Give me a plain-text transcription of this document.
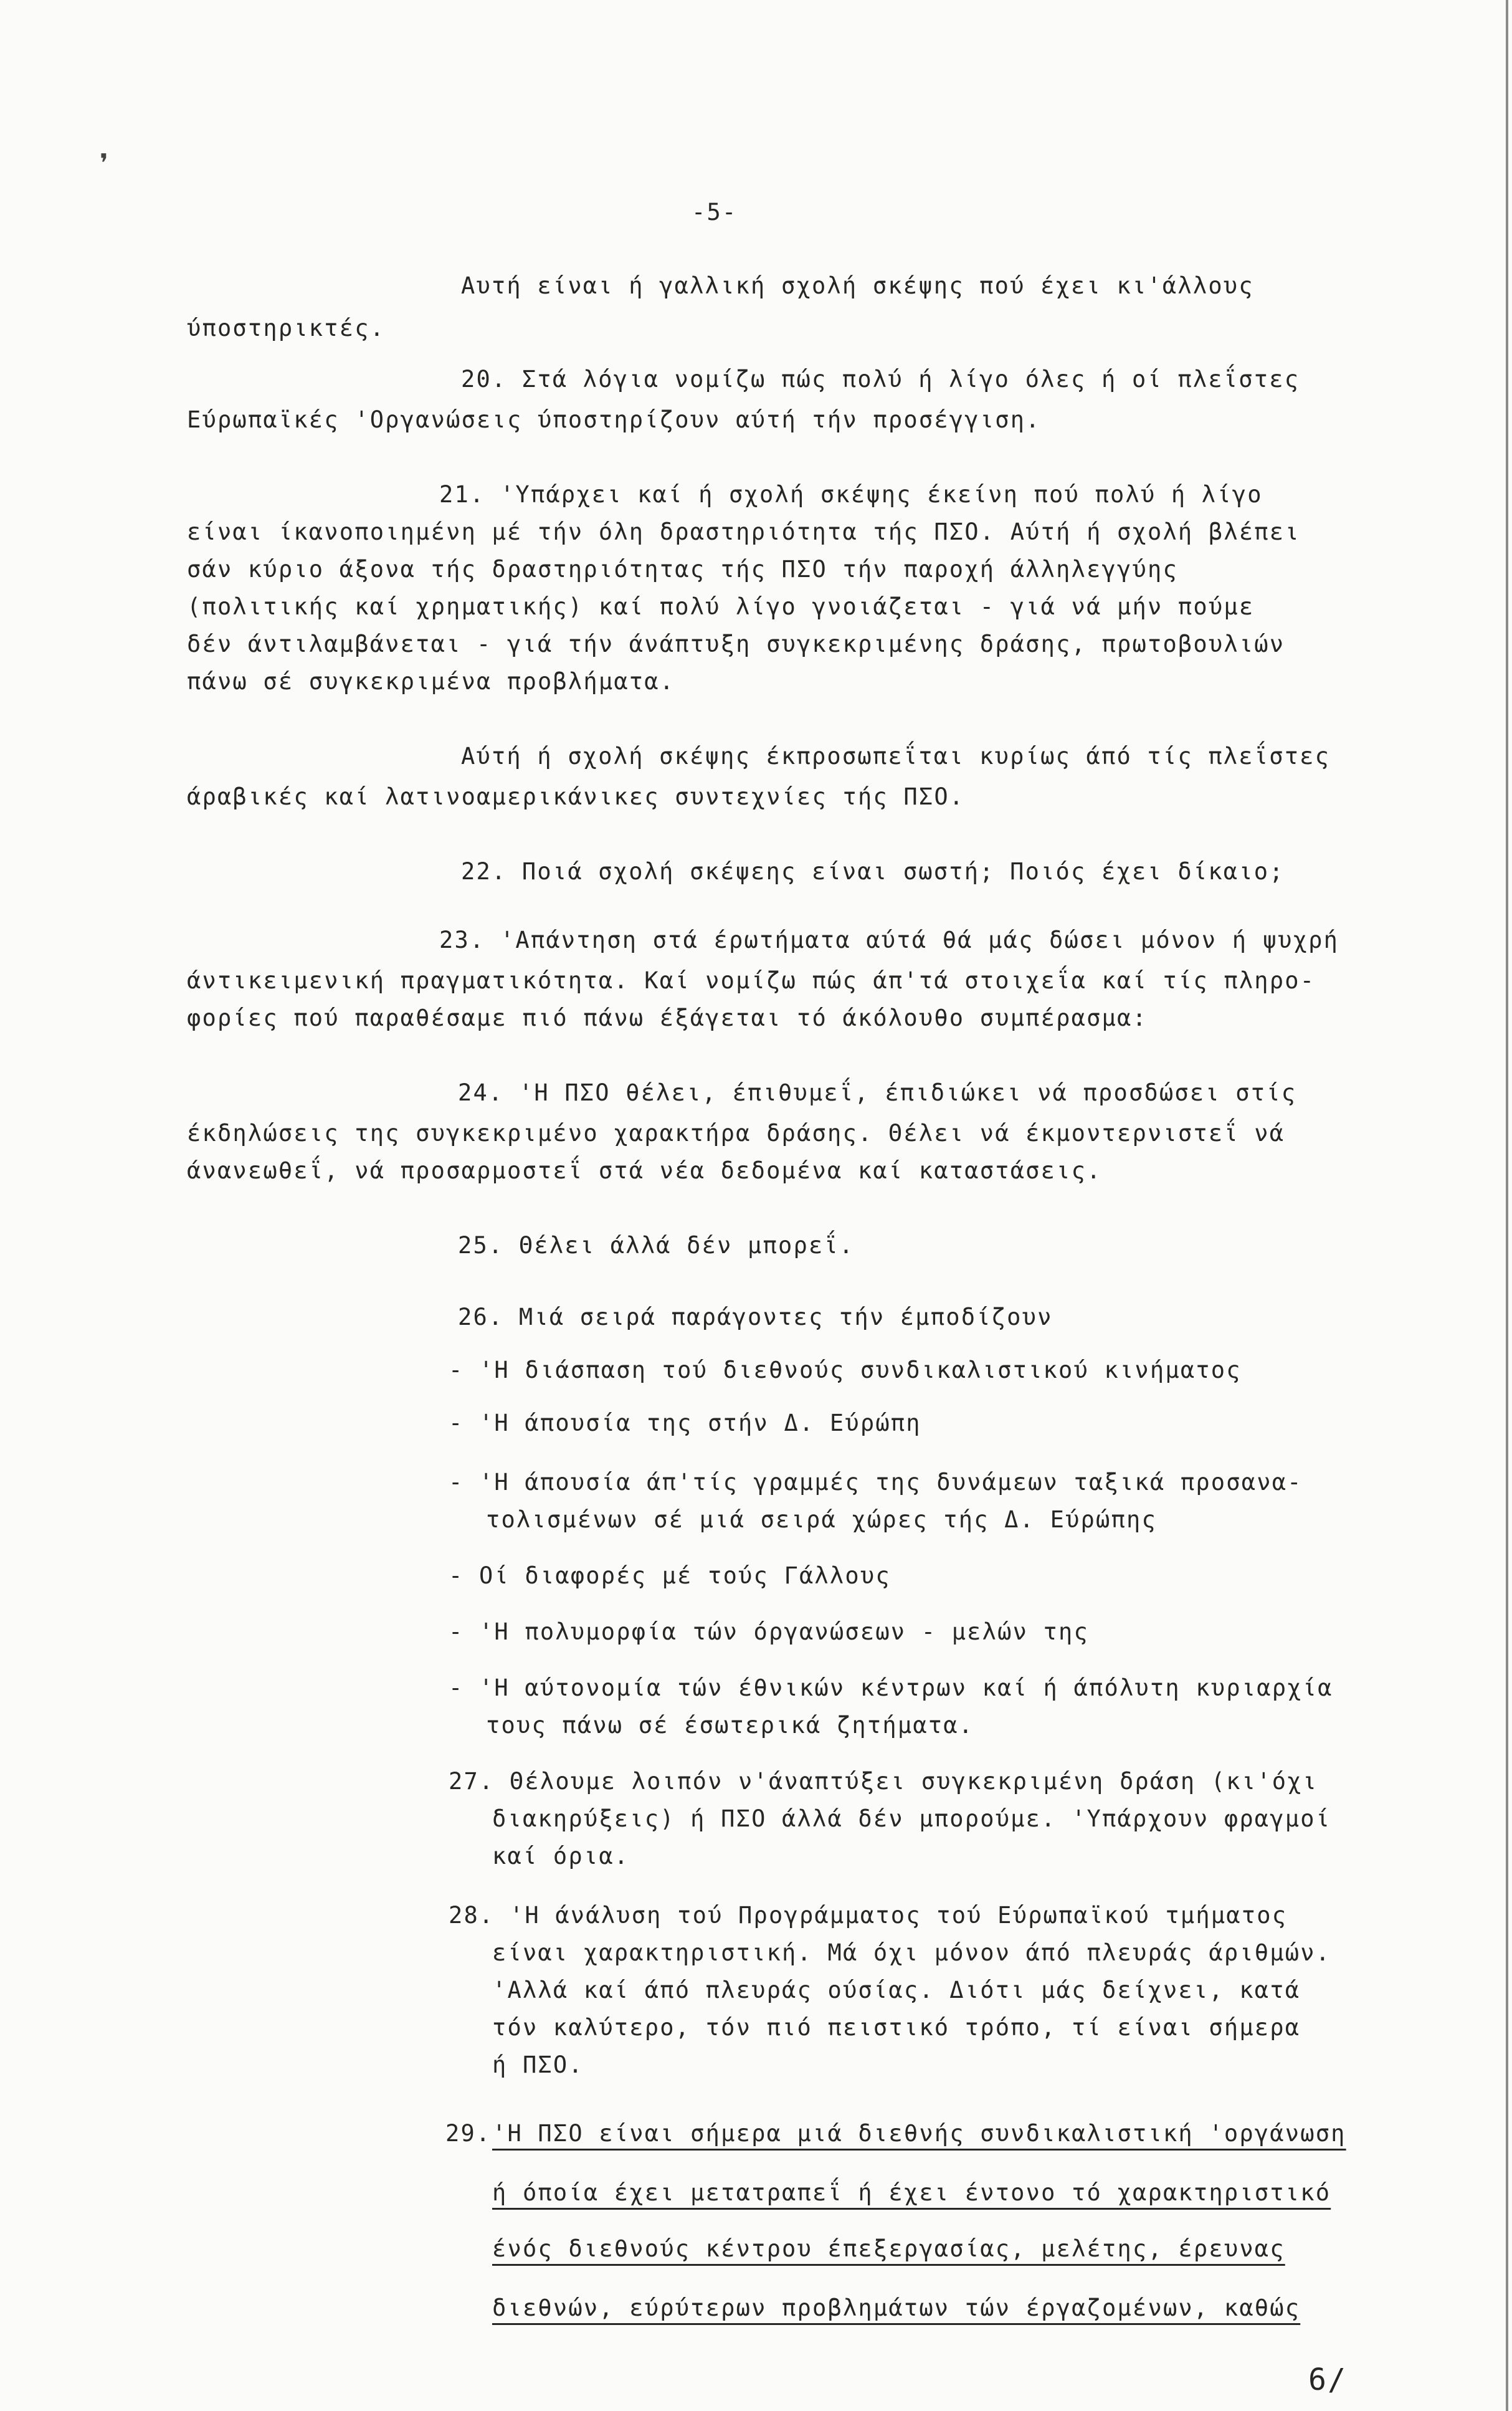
❜
-5-
Αυτή είναι ή γαλλική σχολή σκέψης πού έχει κι'άλλους
ύποστηρικτές.
20. Στά λόγια νομίζω πώς πολύ ή λίγο όλες ή οί πλεΐστες
Εύρωπαϊκές 'Οργανώσεις ύποστηρίζουν αύτή τήν προσέγγιση.
21. 'Υπάρχει καί ή σχολή σκέψης έκείνη πού πολύ ή λίγο
είναι ίκανοποιημένη μέ τήν όλη δραστηριότητα τής ΠΣΟ. Αύτή ή σχολή βλέπει
σάν κύριο άξονα τής δραστηριότητας τής ΠΣΟ τήν παροχή άλληλεγγύης
(πολιτικής καί χρηματικής) καί πολύ λίγο γνοιάζεται - γιά νά μήν πούμε
δέν άντιλαμβάνεται - γιά τήν άνάπτυξη συγκεκριμένης δράσης, πρωτοβουλιών
πάνω σέ συγκεκριμένα προβλήματα.
Αύτή ή σχολή σκέψης έκπροσωπεΐται κυρίως άπό τίς πλεΐστες
άραβικές καί λατινοαμερικάνικες συντεχνίες τής ΠΣΟ.
22. Ποιά σχολή σκέψεης είναι σωστή; Ποιός έχει δίκαιο;
23. 'Απάντηση στά έρωτήματα αύτά θά μάς δώσει μόνον ή ψυχρή
άντικειμενική πραγματικότητα. Καί νομίζω πώς άπ'τά στοιχεΐα καί τίς πληρο-
φορίες πού παραθέσαμε πιό πάνω έξάγεται τό άκόλουθο συμπέρασμα:
24. 'Η ΠΣΟ θέλει, έπιθυμεΐ, έπιδιώκει νά προσδώσει στίς
έκδηλώσεις της συγκεκριμένο χαρακτήρα δράσης. Θέλει νά έκμοντερνιστεΐ νά
άνανεωθεΐ, νά προσαρμοστεΐ στά νέα δεδομένα καί καταστάσεις.
25. Θέλει άλλά δέν μπορεΐ.
26. Μιά σειρά παράγοντες τήν έμποδίζουν
- 'Η διάσπαση τού διεθνούς συνδικαλιστικού κινήματος
- 'Η άπουσία της στήν Δ. Εύρώπη
- 'Η άπουσία άπ'τίς γραμμές της δυνάμεων ταξικά προσανα-
τολισμένων σέ μιά σειρά χώρες τής Δ. Εύρώπης
- Οί διαφορές μέ τούς Γάλλους
- 'Η πολυμορφία τών όργανώσεων - μελών της
- 'Η αύτονομία τών έθνικών κέντρων καί ή άπόλυτη κυριαρχία
τους πάνω σέ έσωτερικά ζητήματα.
27. Θέλουμε λοιπόν ν'άναπτύξει συγκεκριμένη δράση (κι'όχι
διακηρύξεις) ή ΠΣΟ άλλά δέν μπορούμε. 'Υπάρχουν φραγμοί
καί όρια.
28. 'Η άνάλυση τού Προγράμματος τού Εύρωπαϊκού τμήματος
είναι χαρακτηριστική. Μά όχι μόνον άπό πλευράς άριθμών.
'Αλλά καί άπό πλευράς ούσίας. Διότι μάς δείχνει, κατά
τόν καλύτερο, τόν πιό πειστικό τρόπο, τί είναι σήμερα
ή ΠΣΟ.
29. 'Η ΠΣΟ είναι σήμερα μιά διεθνής συνδικαλιστική 'οργάνωση
ή όποία έχει μετατραπεΐ ή έχει έντονο τό χαρακτηριστικό
ένός διεθνούς κέντρου έπεξεργασίας, μελέτης, έρευνας
διεθνών, εύρύτερων προβλημάτων τών έργαζομένων, καθώς
6/
